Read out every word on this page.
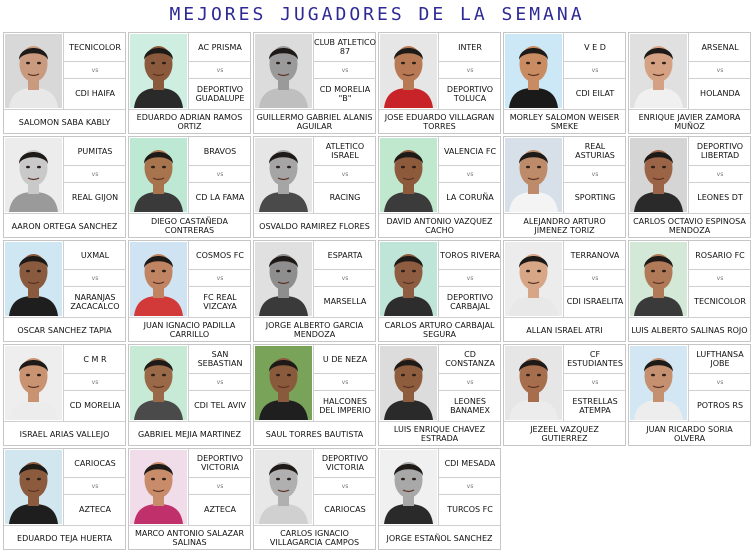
MEJORES JUGADORES DE LA SEMANA
TECNICOLOR
vs
CDI HAIFA
SALOMON SABA KABLY
AC PRISMA
vs
DEPORTIVO GUADALUPE
EDUARDO ADRIAN RAMOS ORTIZ
CLUB ATLETICO 87
vs
CD MORELIA "B"
GUILLERMO GABRIEL ALANIS AGUILAR
INTER
vs
DEPORTIVO TOLUCA
JOSE EDUARDO VILLAGRAN TORRES
V E D
vs
CDI EILAT
MORLEY SALOMON WEISER SMEKE
ARSENAL
vs
HOLANDA
ENRIQUE JAVIER ZAMORA MUÑOZ
PUMITAS
vs
REAL GIJON
AARON ORTEGA SANCHEZ
BRAVOS
vs
CD LA FAMA
DIEGO CASTAÑEDA CONTRERAS
ATLETICO ISRAEL
vs
RACING
OSVALDO RAMIREZ FLORES
VALENCIA FC
vs
LA CORUÑA
DAVID ANTONIO VAZQUEZ CACHO
REAL ASTURIAS
vs
SPORTING
ALEJANDRO ARTURO JIMENEZ TORIZ
DEPORTIVO LIBERTAD
vs
LEONES DT
CARLOS OCTAVIO ESPINOSA MENDOZA
UXMAL
vs
NARANJAS ZACACALCO
OSCAR SANCHEZ TAPIA
COSMOS FC
vs
FC REAL VIZCAYA
JUAN IGNACIO PADILLA CARRILLO
ESPARTA
vs
MARSELLA
JORGE ALBERTO GARCIA MENDOZA
TOROS RIVERA
vs
DEPORTIVO CARBAJAL
CARLOS ARTURO CARBAJAL SEGURA
TERRANOVA
vs
CDI ISRAELITA
ALLAN ISRAEL ATRI
ROSARIO FC
vs
TECNICOLOR
LUIS ALBERTO SALINAS ROJO
C M R
vs
CD MORELIA
ISRAEL ARIAS VALLEJO
SAN SEBASTIAN
vs
CDI TEL AVIV
GABRIEL MEJIA MARTINEZ
U DE NEZA
vs
HALCONES DEL IMPERIO
SAUL TORRES BAUTISTA
CD CONSTANZA
vs
LEONES BANAMEX
LUIS ENRIQUE CHAVEZ ESTRADA
CF ESTUDIANTES
vs
ESTRELLAS ATEMPA
JEZEEL VAZQUEZ GUTIERREZ
LUFTHANSA JOBE
vs
POTROS RS
JUAN RICARDO SORIA OLVERA
CARIOCAS
vs
AZTECA
EDUARDO TEJA HUERTA
DEPORTIVO VICTORIA
vs
AZTECA
MARCO ANTONIO SALAZAR SALINAS
DEPORTIVO VICTORIA
vs
CARIOCAS
CARLOS IGNACIO VILLAGARCIA CAMPOS
CDI MESADA
vs
TURCOS FC
JORGE ESTAÑOL SANCHEZ
